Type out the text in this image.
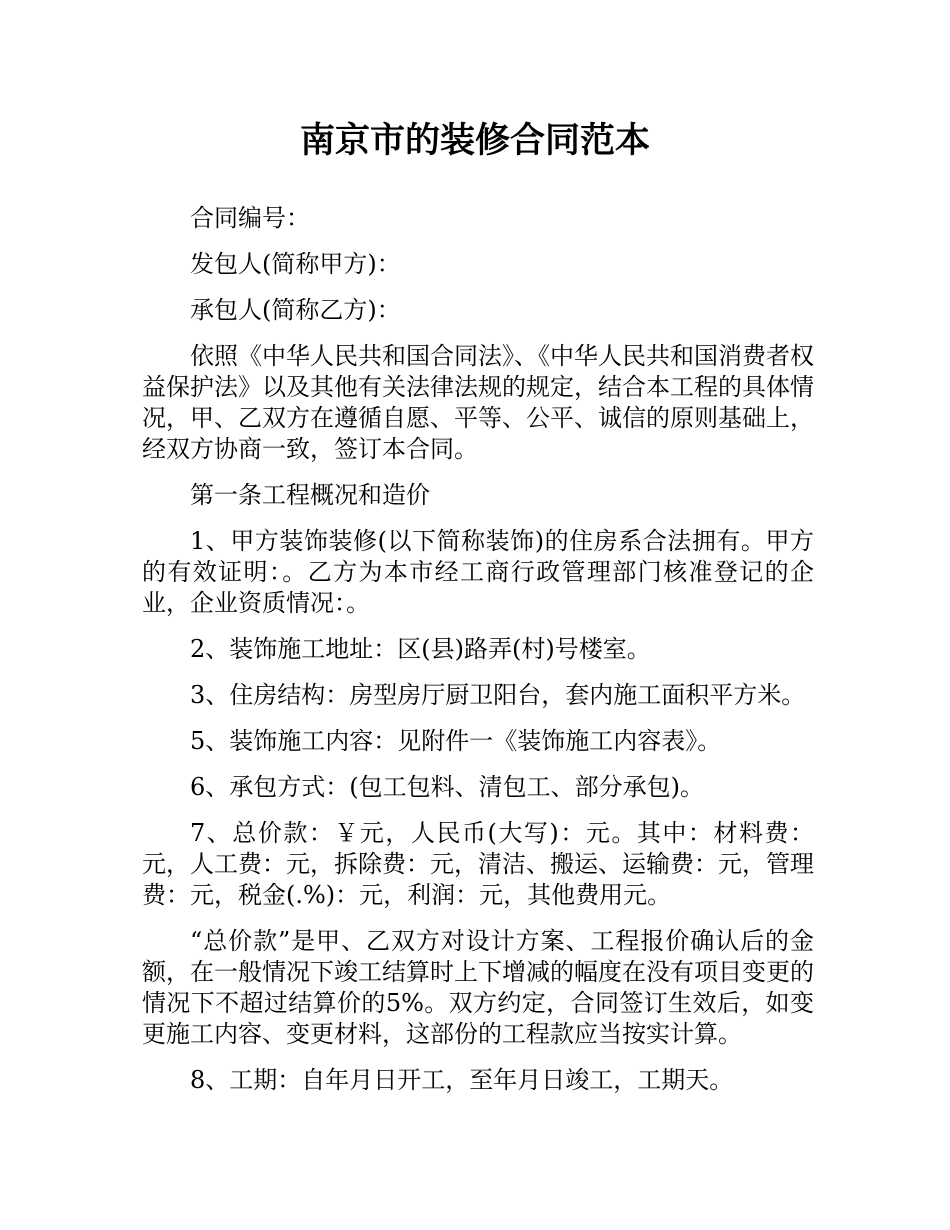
南京市的装修合同范本

合同编号：

发包人(简称甲方)：

承包人(简称乙方)：

依照《中华人民共和国合同法》、《中华人民共和国消费者权益保护法》以及其他有关法律法规的规定，结合本工程的具体情况，甲、乙双方在遵循自愿、平等、公平、诚信的原则基础上，经双方协商一致，签订本合同。

第一条工程概况和造价

1、甲方装饰装修(以下简称装饰)的住房系合法拥有。甲方的有效证明：。乙方为本市经工商行政管理部门核准登记的企业，企业资质情况：。

2、装饰施工地址：区(县)路弄(村)号楼室。

3、住房结构：房型房厅厨卫阳台，套内施工面积平方米。

5、装饰施工内容：见附件一《装饰施工内容表》。

6、承包方式：(包工包料、清包工、部分承包)。

7、总价款：￥元，人民币(大写)：元。其中：材料费：元，人工费：元，拆除费：元，清洁、搬运、运输费：元，管理费：元，税金(.%)：元，利润：元，其他费用元。

“总价款”是甲、乙双方对设计方案、工程报价确认后的金额，在一般情况下竣工结算时上下增减的幅度在没有项目变更的情况下不超过结算价的5%。双方约定，合同签订生效后，如变更施工内容、变更材料，这部份的工程款应当按实计算。

8、工期：自年月日开工，至年月日竣工，工期天。
